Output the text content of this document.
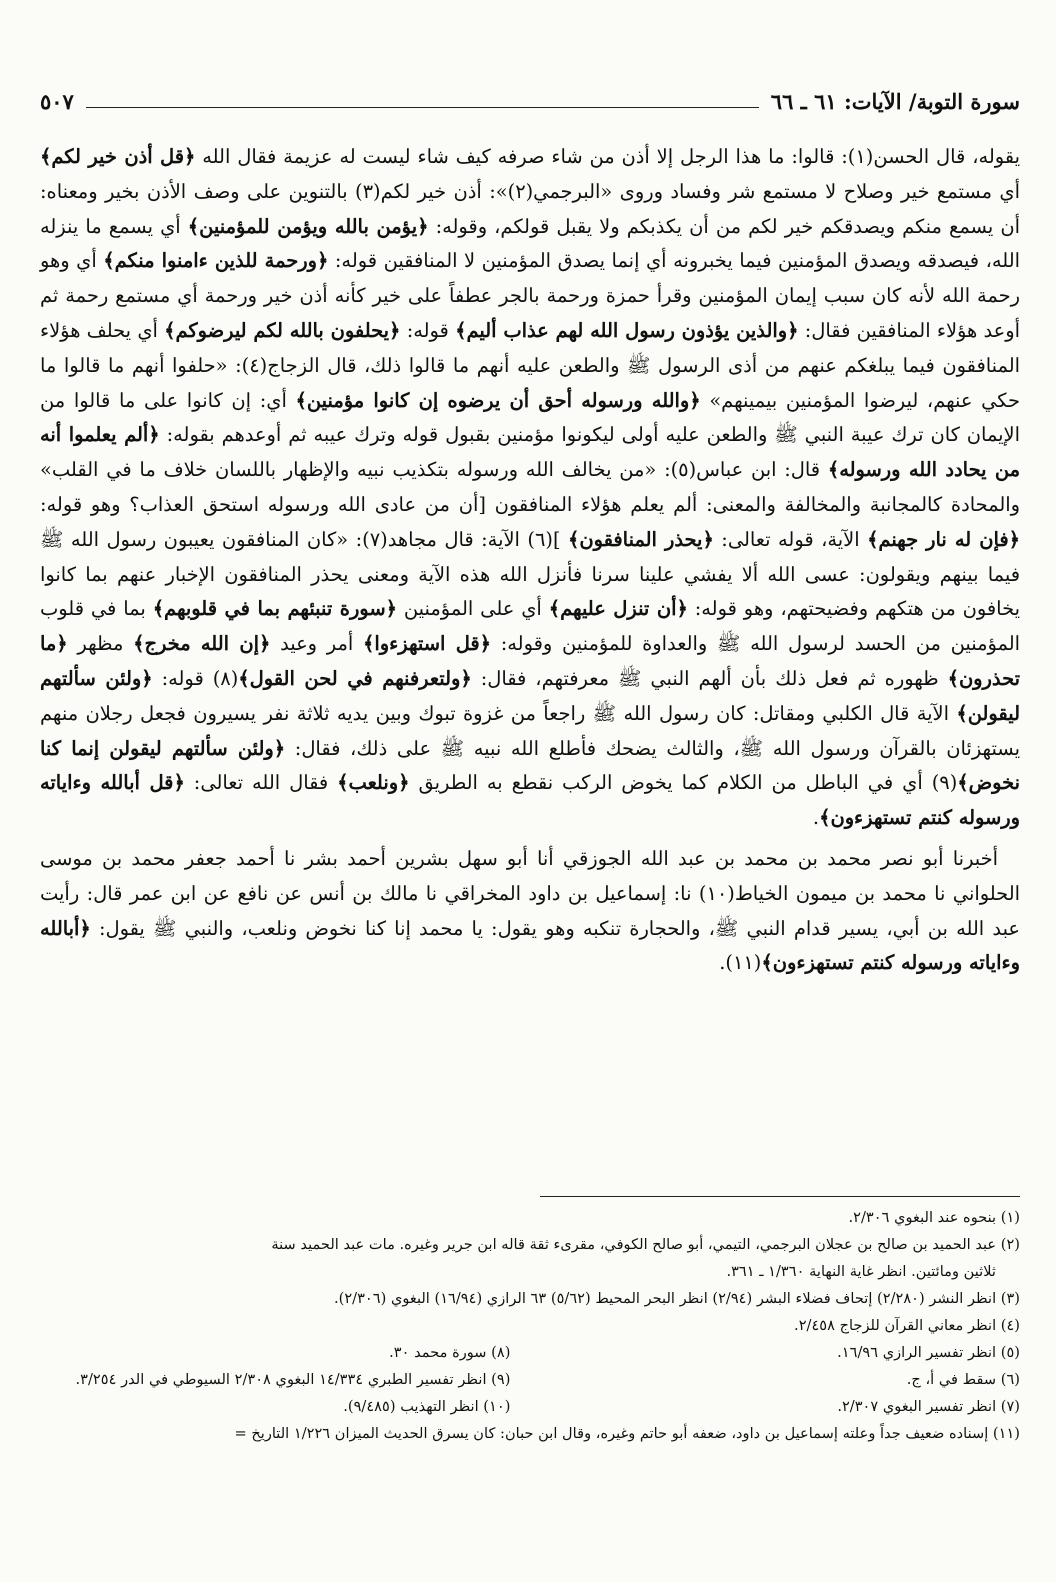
سورة التوبة/ الآيات: ٦١ ـ ٦٦
٥٠٧

يقوله، قال الحسن(١): قالوا: ما هذا الرجل إلا أذن من شاء صرفه كيف شاء ليست له عزيمة فقال الله ﴿قل أذن خير لكم﴾ أي مستمع خير وصلاح لا مستمع شر وفساد وروى «البرجمي(٢)»: أذن خير لكم(٣) بالتنوين على وصف الأذن بخير ومعناه: أن يسمع منكم ويصدقكم خير لكم من أن يكذبكم ولا يقبل قولكم، وقوله: ﴿يؤمن بالله ويؤمن للمؤمنين﴾ أي يسمع ما ينزله الله، فيصدقه ويصدق المؤمنين فيما يخبرونه أي إنما يصدق المؤمنين لا المنافقين قوله: ﴿ورحمة للذين ءامنوا منكم﴾ أي وهو رحمة الله لأنه كان سبب إيمان المؤمنين وقرأ حمزة ورحمة بالجر عطفاً على خير كأنه أذن خير ورحمة أي مستمع رحمة ثم أوعد هؤلاء المنافقين فقال: ﴿والذين يؤذون رسول الله لهم عذاب أليم﴾ قوله: ﴿يحلفون بالله لكم ليرضوكم﴾ أي يحلف هؤلاء المنافقون فيما يبلغكم عنهم من أذى الرسول ﷺ والطعن عليه أنهم ما قالوا ذلك، قال الزجاج(٤): «حلفوا أنهم ما قالوا ما حكي عنهم، ليرضوا المؤمنين بيمينهم» ﴿والله ورسوله أحق أن يرضوه إن كانوا مؤمنين﴾ أي: إن كانوا على ما قالوا من الإيمان كان ترك عيبة النبي ﷺ والطعن عليه أولى ليكونوا مؤمنين بقبول قوله وترك عيبه ثم أوعدهم بقوله: ﴿ألم يعلموا أنه من يحادد الله ورسوله﴾ قال: ابن عباس(٥): «من يخالف الله ورسوله بتكذيب نبيه والإظهار باللسان خلاف ما في القلب» والمحادة كالمجانبة والمخالفة والمعنى: ألم يعلم هؤلاء المنافقون [أن من عادى الله ورسوله استحق العذاب؟ وهو قوله: ﴿فإن له نار جهنم﴾ الآية، قوله تعالى: ﴿يحذر المنافقون﴾ ](٦) الآية: قال مجاهد(٧): «كان المنافقون يعيبون رسول الله ﷺ فيما بينهم ويقولون: عسى الله ألا يفشي علينا سرنا فأنزل الله هذه الآية ومعنى يحذر المنافقون الإخبار عنهم بما كانوا يخافون من هتكهم وفضيحتهم، وهو قوله: ﴿أن تنزل عليهم﴾ أي على المؤمنين ﴿سورة تنبئهم بما في قلوبهم﴾ بما في قلوب المؤمنين من الحسد لرسول الله ﷺ والعداوة للمؤمنين وقوله: ﴿قل استهزءوا﴾ أمر وعيد ﴿إن الله مخرج﴾ مظهر ﴿ما تحذرون﴾ ظهوره ثم فعل ذلك بأن ألهم النبي ﷺ معرفتهم، فقال: ﴿ولتعرفنهم في لحن القول﴾(٨) قوله: ﴿ولئن سألتهم ليقولن﴾ الآية قال الكلبي ومقاتل: كان رسول الله ﷺ راجعاً من غزوة تبوك وبين يديه ثلاثة نفر يسيرون فجعل رجلان منهم يستهزئان بالقرآن ورسول الله ﷺ، والثالث يضحك فأطلع الله نبيه ﷺ على ذلك، فقال: ﴿ولئن سألتهم ليقولن إنما كنا نخوض﴾(٩) أي في الباطل من الكلام كما يخوض الركب نقطع به الطريق ﴿ونلعب﴾ فقال الله تعالى: ﴿قل أبالله وءاياته ورسوله كنتم تستهزءون﴾.

أخبرنا أبو نصر محمد بن محمد بن عبد الله الجوزقي أنا أبو سهل بشرين أحمد بشر نا أحمد جعفر محمد بن موسى الحلواني نا محمد بن ميمون الخياط(١٠) نا: إسماعيل بن داود المخراقي نا مالك بن أنس عن نافع عن ابن عمر قال: رأيت عبد الله بن أبي، يسير قدام النبي ﷺ، والحجارة تنكبه وهو يقول: يا محمد إنا كنا نخوض ونلعب، والنبي ﷺ يقول: ﴿أبالله وءاياته ورسوله كنتم تستهزءون﴾(١١).

(١) بنحوه عند البغوي ٢/٣٠٦.

(٢) عبد الحميد بن صالح بن عجلان البرجمي، التيمي، أبو صالح الكوفي، مقرىء ثقة قاله ابن جرير وغيره. مات عبد الحميد سنة

ثلاثين ومائتين. انظر غاية النهاية ١/٣٦٠ ـ ٣٦١.

(٣) انظر النشر (٢/٢٨٠) إتحاف فضلاء البشر (٢/٩٤) انظر البحر المحيط (٥/٦٢) ٦٣ الرازي (١٦/٩٤) البغوي (٢/٣٠٦).

(٤) انظر معاني القرآن للزجاج ٢/٤٥٨.

(٥) انظر تفسير الرازي ١٦/٩٦.

(٨) سورة محمد ٣٠.

(٦) سقط في أ، ج.

(٩) انظر تفسير الطبري ١٤/٣٣٤ البغوي ٢/٣٠٨ السيوطي في الدر ٣/٢٥٤.

(٧) انظر تفسير البغوي ٢/٣٠٧.

(١٠) انظر التهذيب (٩/٤٨٥).

(١١) إسناده ضعيف جداً وعلته إسماعيل بن داود، ضعفه أبو حاتم وغيره، وقال ابن حبان: كان يسرق الحديث الميزان ١/٢٢٦ التاريخ =
